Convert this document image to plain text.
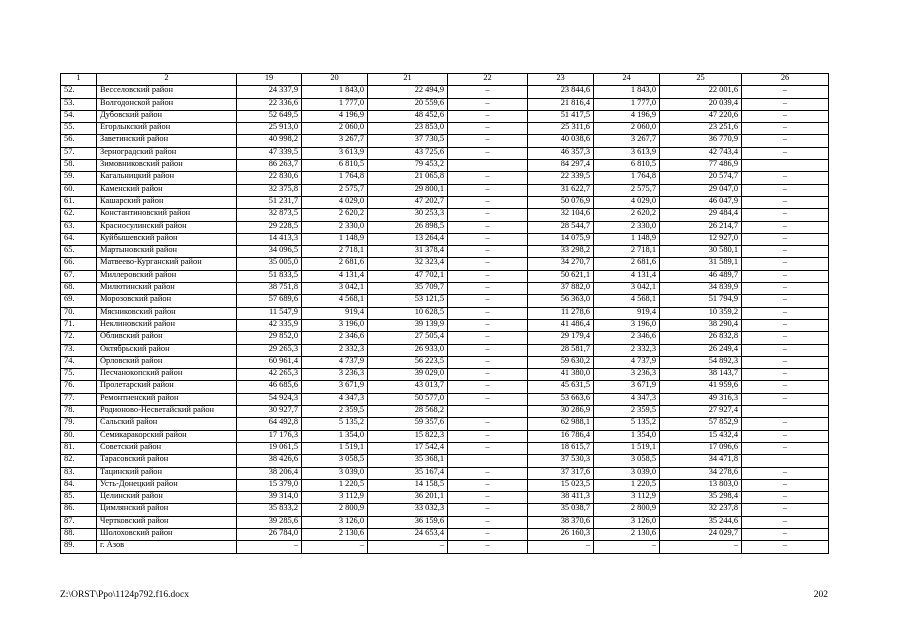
1	2	19	20	21	22	23	24	25	26
52.	Весселовский район	24 337,9	1 843,0	22 494,9	–	23 844,6	1 843,0	22 001,6	–
53.	Волгодонской район	22 336,6	1 777,0	20 559,6	–	21 816,4	1 777,0	20 039,4	–
54.	Дубовский район	52 649,5	4 196,9	48 452,6	–	51 417,5	4 196,9	47 220,6	–
55.	Егорлыкский район	25 913,0	2 060,0	23 853,0	–	25 311,6	2 060,0	23 251,6	–
56.	Заветинский район	40 998,2	3 267,7	37 730,5	–	40 038,6	3 267,7	36 770,9	–
57.	Зерноградский район	47 339,5	3 613,9	43 725,6	–	46 357,3	3 613,9	42 743,4	–
58.	Зимовниковский район	86 263,7	6 810,5	79 453,2		84 297,4	6 810,5	77 486,9	
59.	Кагальницкий район	22 830,6	1 764,8	21 065,8	–	22 339,5	1 764,8	20 574,7	–
60.	Каменский район	32 375,8	2 575,7	29 800,1	–	31 622,7	2 575,7	29 047,0	–
61.	Кашарский район	51 231,7	4 029,0	47 202,7	–	50 076,9	4 029,0	46 047,9	–
62.	Константиновский район	32 873,5	2 620,2	30 253,3	–	32 104,6	2 620,2	29 484,4	–
63.	Красносулинский район	29 228,5	2 330,0	26 898,5	–	28 544,7	2 330,0	26 214,7	–
64.	Куйбышевский район	14 413,3	1 148,9	13 264,4	–	14 075,9	1 148,9	12 927,0	–
65.	Мартыновский район	34 096,5	2 718,1	31 378,4	–	33 298,2	2 718,1	30 580,1	–
66.	Матвеево-Курганский район	35 005,0	2 681,6	32 323,4	–	34 270,7	2 681,6	31 589,1	–
67.	Миллеровский район	51 833,5	4 131,4	47 702,1	–	50 621,1	4 131,4	46 489,7	–
68.	Милютинский район	38 751,8	3 042,1	35 709,7	–	37 882,0	3 042,1	34 839,9	–
69.	Морозовский район	57 689,6	4 568,1	53 121,5	–	56 363,0	4 568,1	51 794,9	–
70.	Мясниковский район	11 547,9	919,4	10 628,5	–	11 278,6	919,4	10 359,2	–
71.	Неклиновский район	42 335,9	3 196,0	39 139,9	–	41 486,4	3 196,0	38 290,4	–
72.	Обливский район	29 852,0	2 346,6	27 505,4	–	29 179,4	2 346,6	26 832,8	–
73.	Октябрьский район	29 265,3	2 332,3	26 933,0	–	28 581,7	2 332,3	26 249,4	–
74.	Орловский район	60 961,4	4 737,9	56 223,5	–	59 630,2	4 737,9	54 892,3	–
75.	Песчанокопский район	42 265,3	3 236,3	39 029,0	–	41 380,0	3 236,3	38 143,7	–
76.	Пролетарский район	46 685,6	3 671,9	43 013,7	–	45 631,5	3 671,9	41 959,6	–
77.	Ремонтненский район	54 924,3	4 347,3	50 577,0	–	53 663,6	4 347,3	49 316,3	–
78.	Родионово-Несветайский район	30 927,7	2 359,5	28 568,2		30 286,9	2 359,5	27 927,4	
79.	Сальский район	64 492,8	5 135,2	59 357,6	–	62 988,1	5 135,2	57 852,9	–
80.	Семикаракорский район	17 176,3	1 354,0	15 822,3	–	16 786,4	1 354,0	15 432,4	–
81.	Советский район	19 061,5	1 519,1	17 542,4	–	18 615,7	1 519,1	17 096,6	–
82.	Тарасовский район	38 426,6	3 058,5	35 368,1		37 530,3	3 058,5	34 471,8	
83.	Тацинский район	38 206,4	3 039,0	35 167,4	–	37 317,6	3 039,0	34 278,6	–
84.	Усть-Донецкий район	15 379,0	1 220,5	14 158,5	–	15 023,5	1 220,5	13 803,0	–
85.	Целинский район	39 314,0	3 112,9	36 201,1	–	38 411,3	3 112,9	35 298,4	–
86.	Цимлянский район	35 833,2	2 800,9	33 032,3	–	35 038,7	2 800,9	32 237,8	–
87.	Чертковский район	39 285,6	3 126,0	36 159,6	–	38 370,6	3 126,0	35 244,6	–
88.	Шолоховский район	26 784,0	2 130,6	24 653,4	–	26 160,3	2 130,6	24 029,7	–
89.	г. Азов	–	–	–	–	–	–	–	–
Z:\ORST\Ppo\1124p792.f16.docx	202
